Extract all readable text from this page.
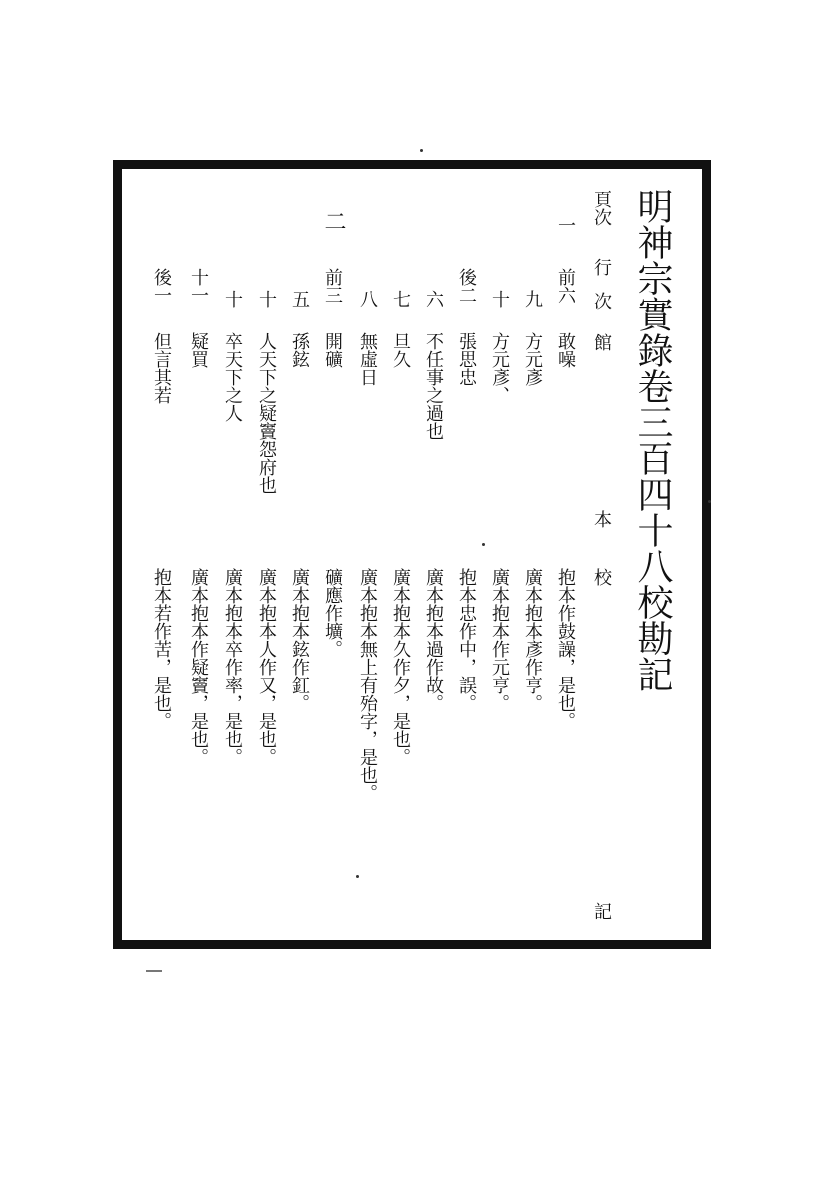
明神宗實錄卷三百四十八校勘記
頁次
行
次
館
本
校
記
一
前六
敢噪
抱本作鼓譟，是也。
九
方元彥
廣本抱本彥作亨。
十
方元彥、
廣本抱本作元亨。
後二
張思忠
抱本忠作中，誤。
六
不任事之過也
廣本抱本過作故。
七
旦久
廣本抱本久作夕，是也。
八
無虛日
廣本抱本無上有殆字，是也。
二
前三
開礦
礦應作壙。
五
孫鉉
廣本抱本鉉作釭。
十
人天下之疑竇怨府也
廣本抱本人作又，是也。
十
卒天下之人
廣本抱本卒作率，是也。
十一
疑買
廣本抱本作疑竇，是也。
後一
但言其若
抱本若作苦，是也。
